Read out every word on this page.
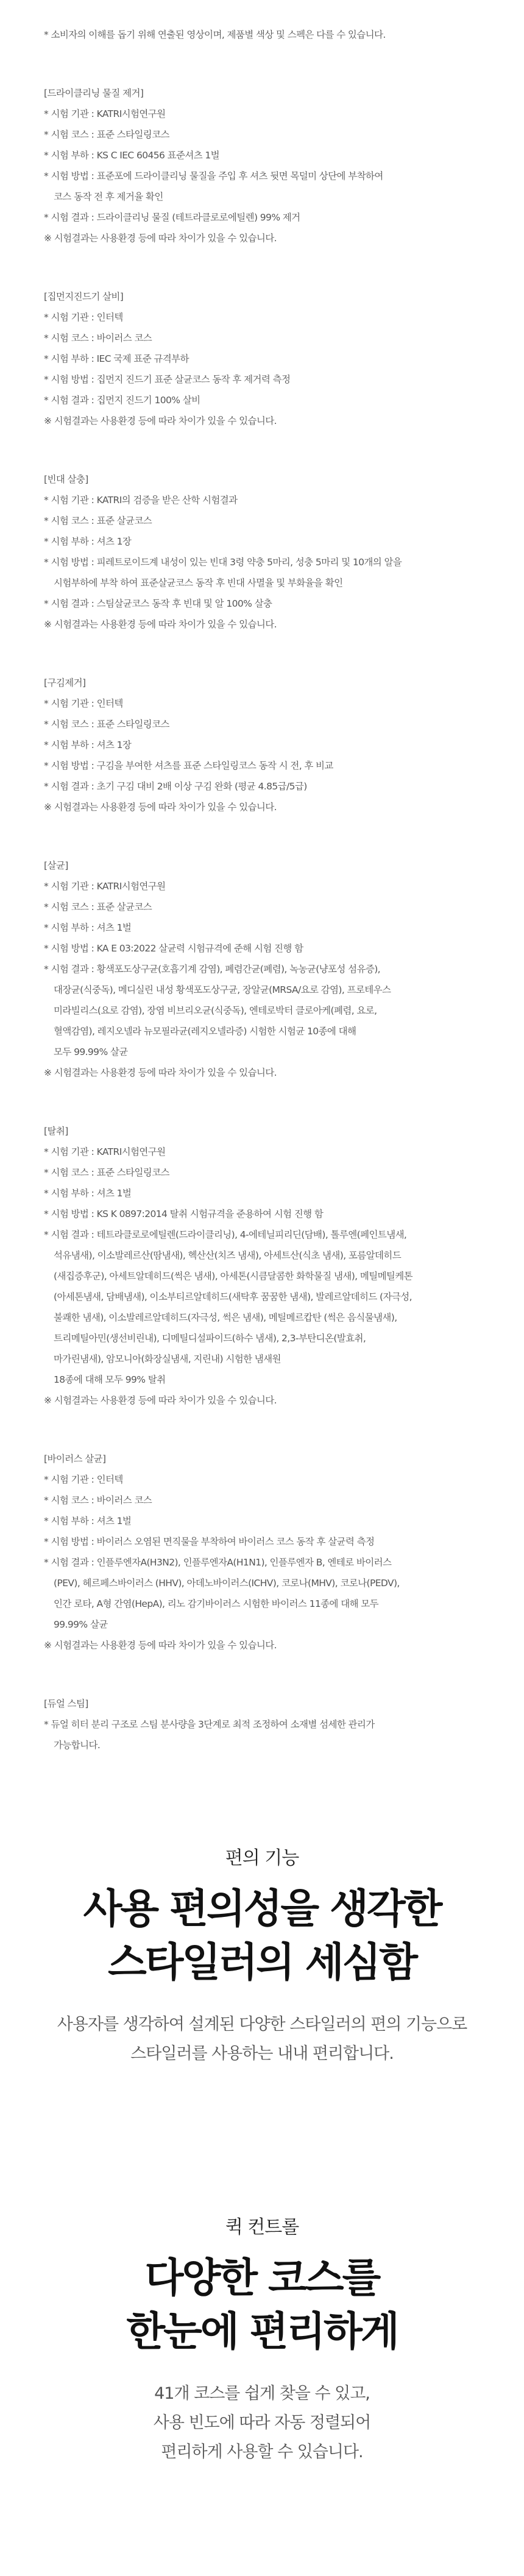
* 소비자의 이해를 돕기 위해 연출된 영상이며, 제품별 색상 및 스펙은 다를 수 있습니다.

[드라이클리닝 물질 제거]

* 시험 기관 : KATRI시험연구원

* 시험 코스 : 표준 스타일링코스

* 시험 부하 : KS C IEC 60456 표준셔츠 1벌

* 시험 방법 : 표준포에 드라이클리닝 물질을 주입 후 셔츠 뒷면 목덜미 상단에 부착하여

코스 동작 전 후 제거율 확인

* 시험 결과 : 드라이클리닝 물질 (테트라클로로에틸렌) 99% 제거

※ 시험결과는 사용환경 등에 따라 차이가 있을 수 있습니다.

[집먼지진드기 살비]

* 시험 기관 : 인터텍

* 시험 코스 : 바이러스 코스

* 시험 부하 : IEC 국제 표준 규격부하

* 시험 방법 : 집먼지 진드기 표준 살균코스 동작 후 제거력 측정

* 시험 결과 : 집먼지 진드기 100% 살비

※ 시험결과는 사용환경 등에 따라 차이가 있을 수 있습니다.

[빈대 살충]

* 시험 기관 : KATRI의 검증을 받은 산학 시험결과

* 시험 코스 : 표준 살균코스

* 시험 부하 : 셔츠 1장

* 시험 방법 : 피레트로이드계 내성이 있는 빈대 3령 약충 5마리, 성충 5마리 및 10개의 알을

시험부하에 부착 하여 표준살균코스 동작 후 빈대 사멸율 및 부화율을 확인

* 시험 결과 : 스팀살균코스 동작 후 빈대 및 알 100% 살충

※ 시험결과는 사용환경 등에 따라 차이가 있을 수 있습니다.

[구김제거]

* 시험 기관 : 인터텍

* 시험 코스 : 표준 스타일링코스

* 시험 부하 : 셔츠 1장

* 시험 방법 : 구김을 부여한 셔츠를 표준 스타일링코스 동작 시 전, 후 비교

* 시험 결과 : 초기 구김 대비 2배 이상 구김 완화 (평균 4.85급/5급)

※ 시험결과는 사용환경 등에 따라 차이가 있을 수 있습니다.

[살균]

* 시험 기관 : KATRI시험연구원

* 시험 코스 : 표준 살균코스

* 시험 부하 : 셔츠 1벌

* 시험 방법 : KA E 03:2022 살균력 시험규격에 준해 시험 진행 함

* 시험 결과 : 황색포도상구균(호흡기계 감염), 폐렴간균(폐렴), 녹농균(냥포성 섬유증),

대장균(식중독), 메디실린 내성 황색포도상구균, 장알균(MRSA/요로 감염), 프로테우스

미라빌리스(요로 감염), 장염 비브리오균(식중독), 엔테로박터 클로아케(폐렴, 요로,

혈액감염), 레지오넬라 뉴모필라균(레지오넬라증) 시험한 시험균 10종에 대해

모두 99.99% 살균

※ 시험결과는 사용환경 등에 따라 차이가 있을 수 있습니다.

[탈취]

* 시험 기관 : KATRI시험연구원

* 시험 코스 : 표준 스타일링코스

* 시험 부하 : 셔츠 1벌

* 시험 방법 : KS K 0897:2014 탈취 시험규격을 준용하여 시험 진행 함

* 시험 결과 : 테트라클로로에틸렌(드라이클리닝), 4-에테닐피리딘(담배), 톨루엔(페인트냄새,

석유냄새), 이소발레르산(땀냄새), 헥산산(치즈 냄새), 아세트산(식초 냄새), 포름알데히드

(새집증후군), 아세트알데히드(썩은 냄새), 아세톤(시큼달콤한 화학물질 냄새), 메틸메틸케톤

(아세톤냄새, 담배냄새), 이소부티르알데히드(새탁후 꿈꿈한 냄새), 발레르알데히드 (자극성,

불쾌한 냄새), 이소발레르알데히드(자극성, 썩은 냄새), 메틸메르캅탄 (썩은 음식물냄새),

트리메틸아민(생선비린내), 디메틸디설파이드(하수 냄새), 2,3-부탄디온(발효취,

마가린냄새), 암모니아(화장실냄새, 지린내) 시험한 냄새원

18종에 대해 모두 99% 탈취

※ 시험결과는 사용환경 등에 따라 차이가 있을 수 있습니다.

[바이러스 살균]

* 시험 기관 : 인터텍

* 시험 코스 : 바이러스 코스

* 시험 부하 : 셔츠 1벌

* 시험 방법 : 바이러스 오염된 면직물을 부착하여 바이러스 코스 동작 후 살균력 측정

* 시험 결과 : 인플루엔자A(H3N2), 인플루엔자A(H1N1), 인플루엔자 B, 엔테로 바이러스

(PEV), 헤르페스바이러스 (HHV), 아데노바이러스(ICHV), 코로나(MHV), 코로나(PEDV),

인간 로타, A형 간염(HepA), 리노 감기바이러스 시험한 바이러스 11종에 대해 모두

99.99% 살균

※ 시험결과는 사용환경 등에 따라 차이가 있을 수 있습니다.

[듀얼 스팀]

* 듀얼 히터 분리 구조로 스팀 분사량을 3단계로 최적 조정하여 소재별 섬세한 관리가

가능합니다.

편의 기능
사용 편의성을 생각한
스타일러의 세심함
사용자를 생각하여 설계된 다양한 스타일러의 편의 기능으로
스타일러를 사용하는 내내 편리합니다.
퀵 컨트롤
다양한 코스를
한눈에 편리하게
41개 코스를 쉽게 찾을 수 있고,
사용 빈도에 따라 자동 정렬되어
편리하게 사용할 수 있습니다.
